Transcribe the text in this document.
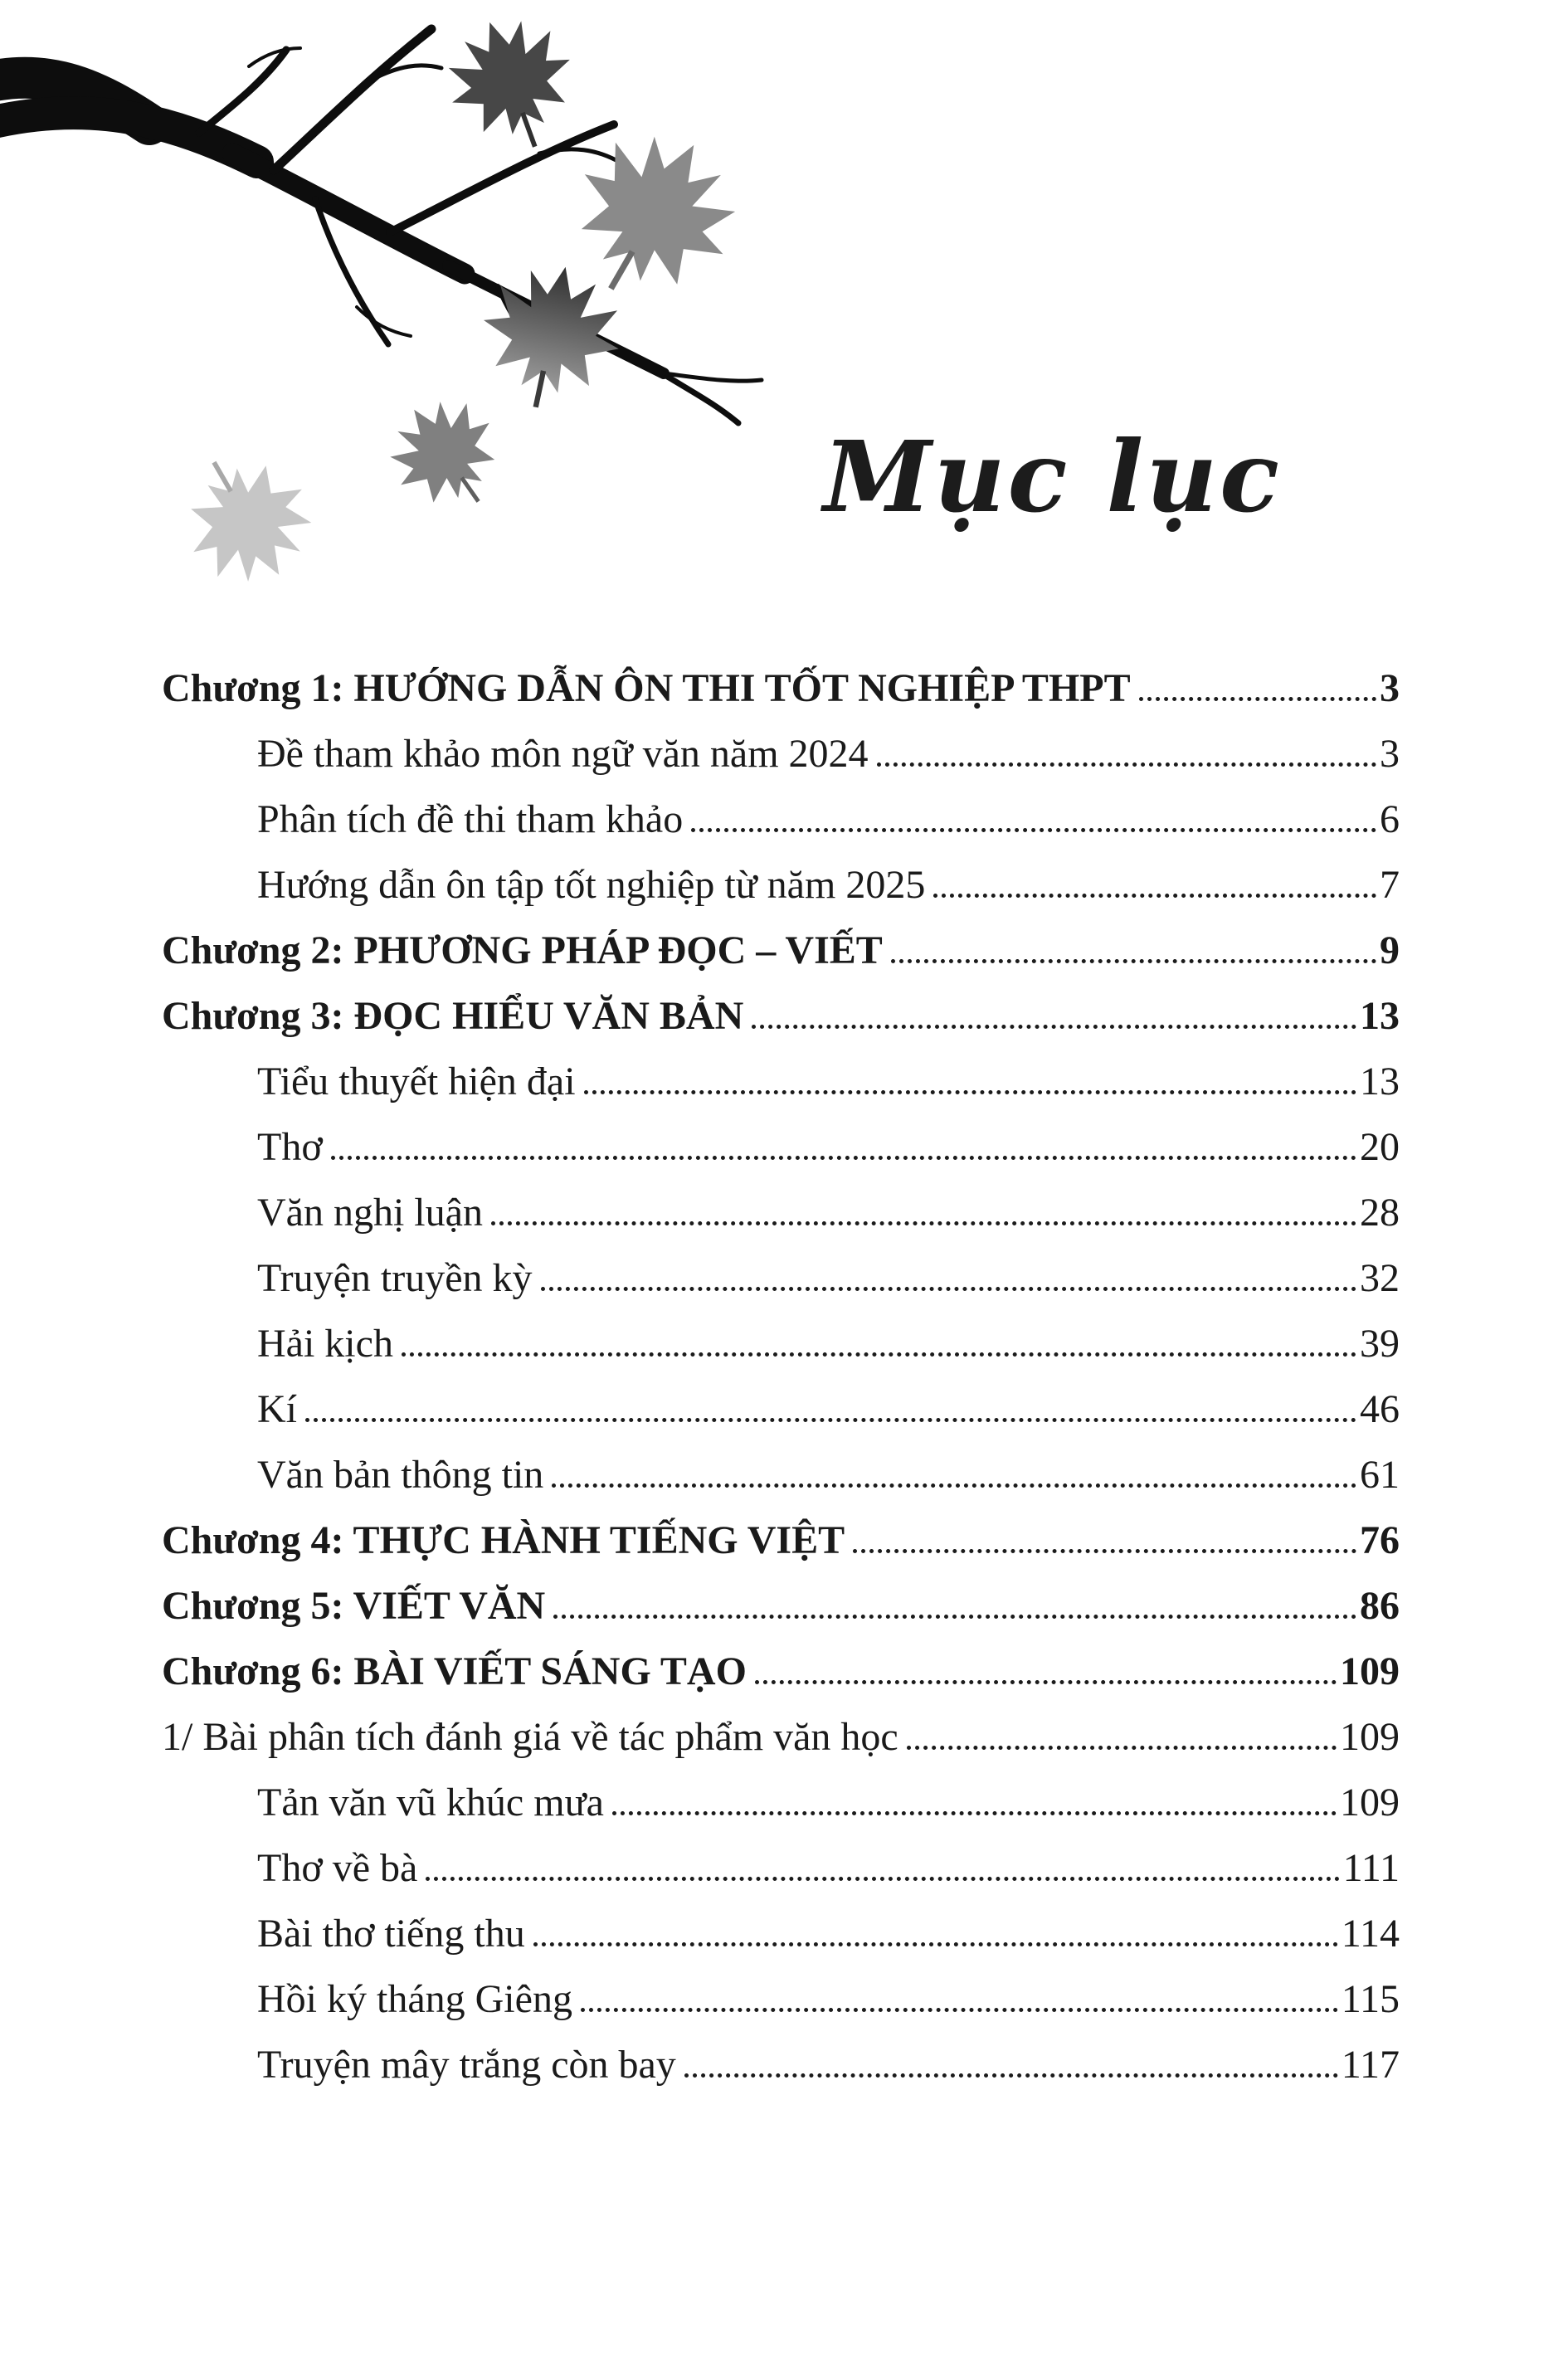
Mục lục
Chương 1: HƯỚNG DẪN ÔN THI TỐT NGHIỆP THPT	3
Đề tham khảo môn ngữ văn năm 2024	3
Phân tích đề thi tham khảo	6
Hướng dẫn ôn tập tốt nghiệp từ năm 2025	7
Chương 2: PHƯƠNG PHÁP ĐỌC – VIẾT	9
Chương 3: ĐỌC HIỂU VĂN BẢN	13
Tiểu thuyết hiện đại	13
Thơ	20
Văn nghị luận	28
Truyện truyền kỳ	32
Hải kịch	39
Kí	46
Văn bản thông tin	61
Chương 4: THỰC HÀNH TIẾNG VIỆT	76
Chương 5: VIẾT VĂN	86
Chương 6: BÀI VIẾT SÁNG TẠO	109
1/ Bài phân tích đánh giá về tác phẩm văn học	109
Tản văn vũ khúc mưa	109
Thơ về bà	111
Bài thơ tiếng thu	114
Hồi ký tháng Giêng	115
Truyện mây trắng còn bay	117
